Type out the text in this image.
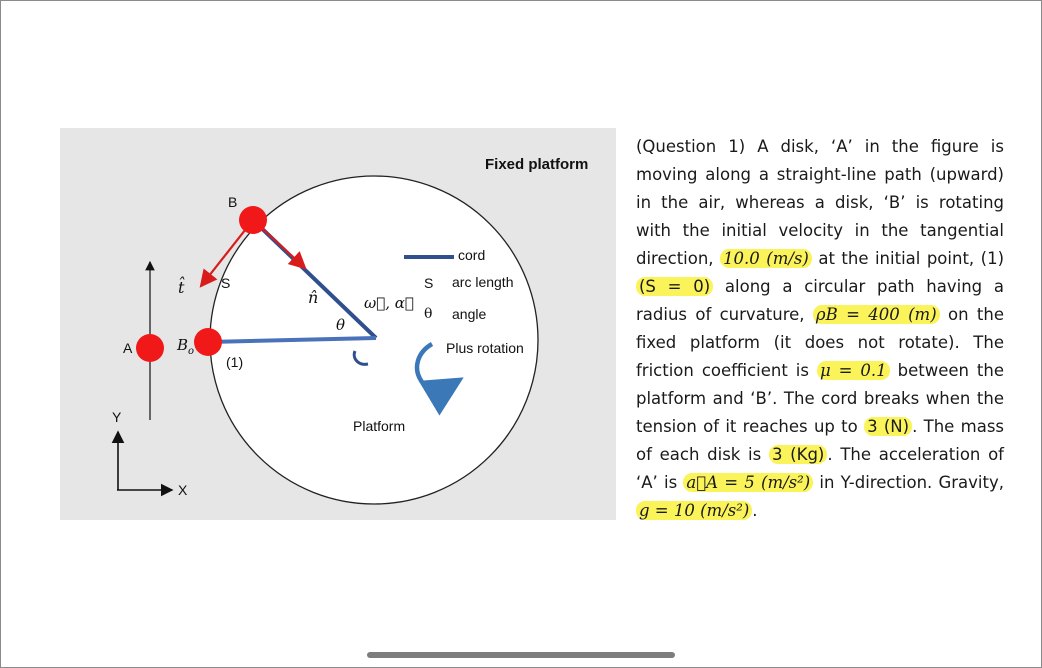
Fixed platform
Platform
B
A	$B_o$
t̂	S
n̂	ω⃗, α⃗
θ
(1)
Y
X
cord
S arc length
θ angle
Plus rotation
(Question 1) A disk, ‘A’ in the figure is moving along a straight-line path (upward) in the air, whereas a disk, ‘B’ is rotating with the initial velocity in the tangential direction, 10.0 (m/s) at the initial point, (1) (S = 0) along a circular path having a radius of curvature, ρB = 400 (m) on the fixed platform (it does not rotate). The friction coefficient is μ = 0.1 between the platform and ‘B’. The cord breaks when the tension of it reaches up to 3 (N) . The mass of each disk is 3 (Kg) . The acceleration of ‘A’ is a⃗A = 5 (m/s²) in Y-direction. Gravity, g = 10 (m/s²) .
